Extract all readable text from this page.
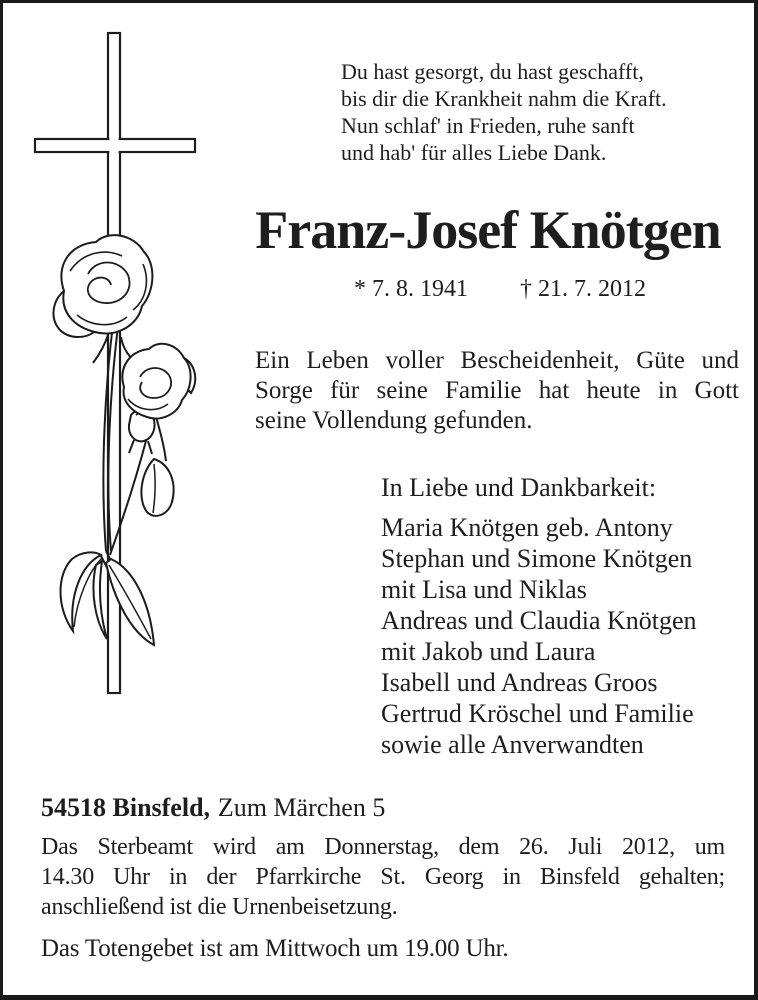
Du hast gesorgt, du hast geschafft,
bis dir die Krankheit nahm die Kraft.
Nun schlaf' in Frieden, ruhe sanft
und hab' für alles Liebe Dank.
Franz-Josef Knötgen
* 7. 8. 1941 † 21. 7. 2012
Ein Leben voller Bescheidenheit, Güte und
Sorge für seine Familie hat heute in Gott
seine Vollendung gefunden.
In Liebe und Dankbarkeit:
Maria Knötgen geb. Antony
Stephan und Simone Knötgen
mit Lisa und Niklas
Andreas und Claudia Knötgen
mit Jakob und Laura
Isabell und Andreas Groos
Gertrud Kröschel und Familie
sowie alle Anverwandten
54518 Binsfeld, Zum Märchen 5
Das Sterbeamt wird am Donnerstag, dem 26. Juli 2012, um
14.30 Uhr in der Pfarrkirche St. Georg in Binsfeld gehalten;
anschließend ist die Urnenbeisetzung.
Das Totengebet ist am Mittwoch um 19.00 Uhr.
